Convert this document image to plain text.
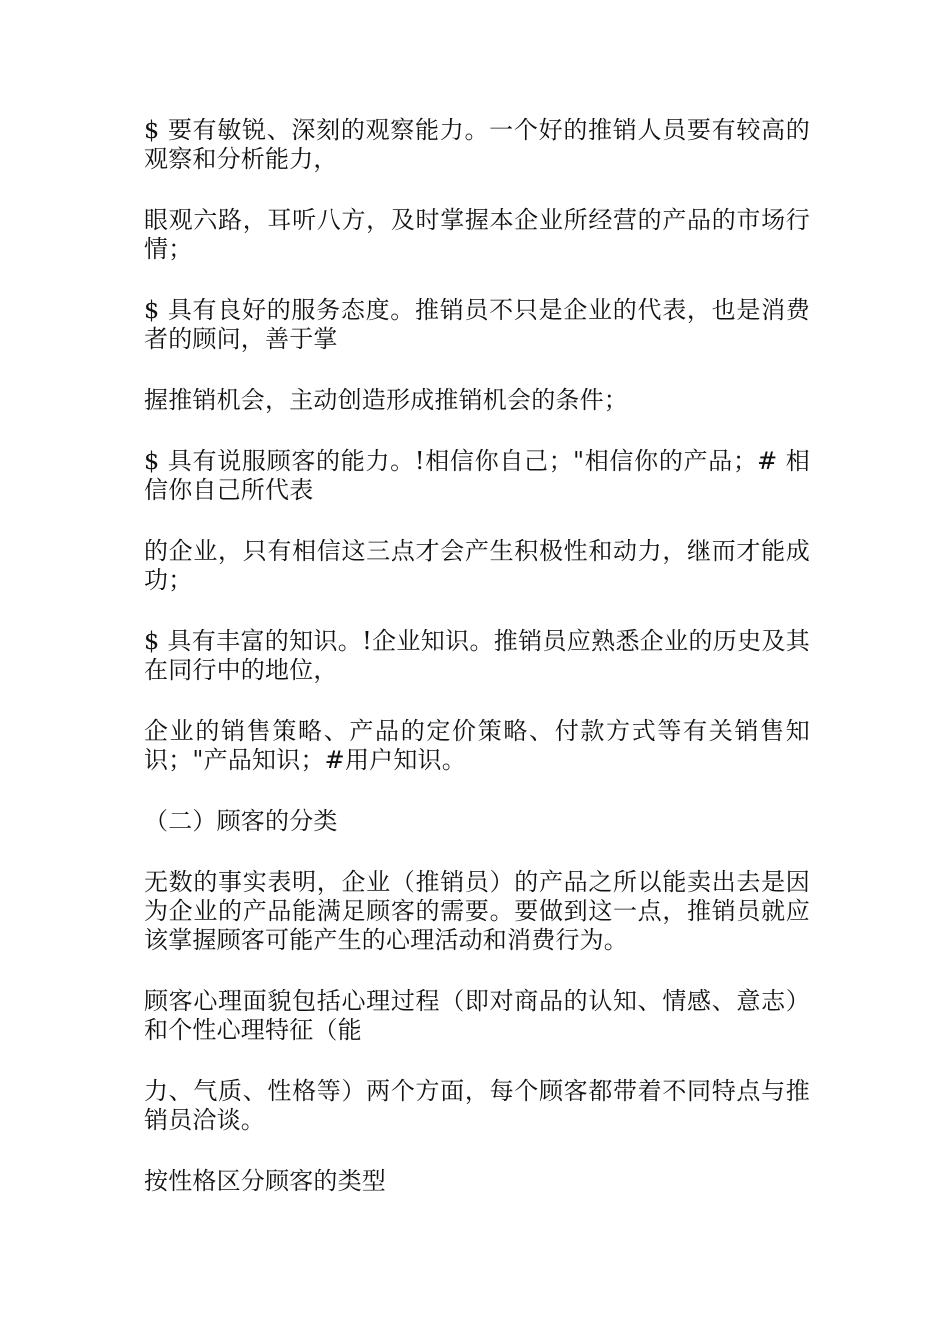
$ 要有敏锐、深刻的观察能力。一个好的推销人员要有较高的观察和分析能力，

眼观六路，耳听八方，及时掌握本企业所经营的产品的市场行情；

$ 具有良好的服务态度。推销员不只是企业的代表，也是消费者的顾问，善于掌

握推销机会，主动创造形成推销机会的条件；

$ 具有说服顾客的能力。!相信你自己；"相信你的产品；# 相信你自己所代表

的企业，只有相信这三点才会产生积极性和动力，继而才能成功；

$ 具有丰富的知识。!企业知识。推销员应熟悉企业的历史及其在同行中的地位，

企业的销售策略、产品的定价策略、付款方式等有关销售知识；"产品知识；#用户知识。

（二）顾客的分类

无数的事实表明，企业（推销员）的产品之所以能卖出去是因为企业的产品能满足顾客的需要。要做到这一点，推销员就应该掌握顾客可能产生的心理活动和消费行为。

顾客心理面貌包括心理过程（即对商品的认知、情感、意志）和个性心理特征（能

力、气质、性格等）两个方面，每个顾客都带着不同特点与推销员洽谈。

按性格区分顾客的类型
